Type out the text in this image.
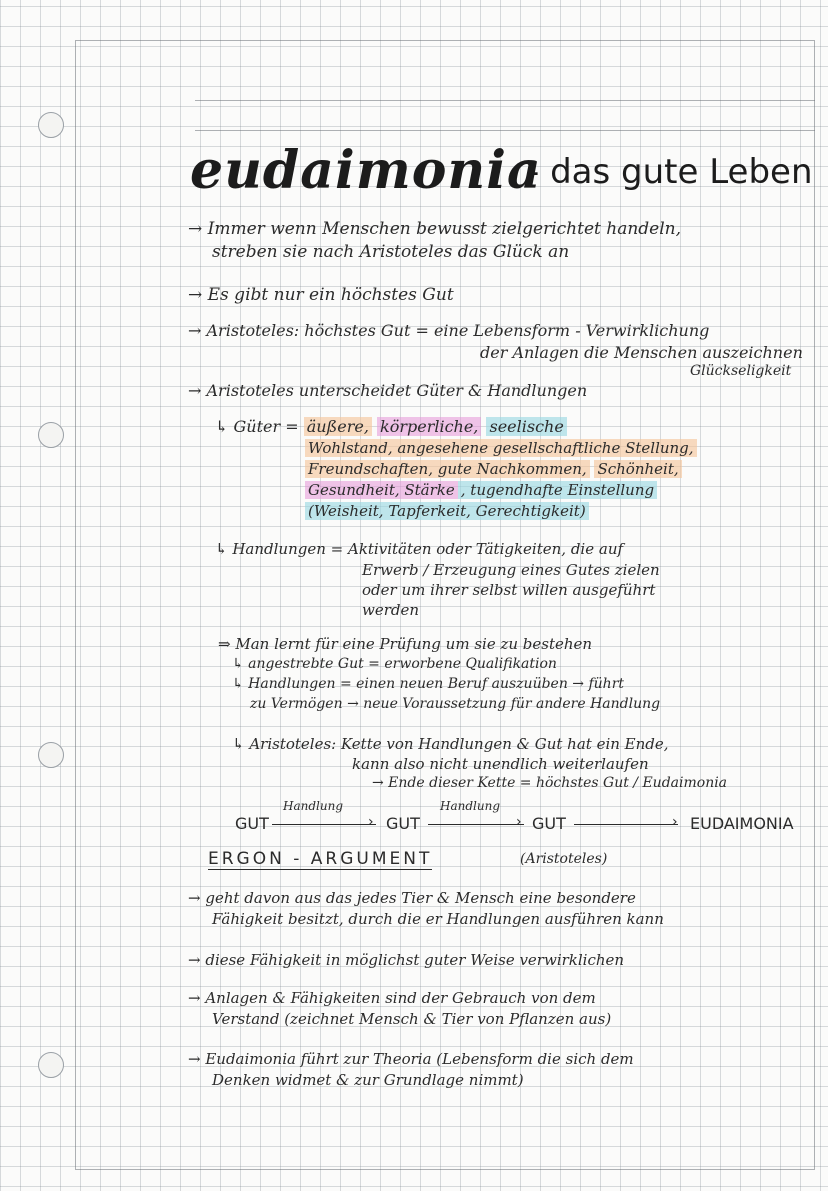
eudaimonia
- das gute Leben
→ Immer wenn Menschen bewusst zielgerichtet handeln,
streben sie nach Aristoteles das Glück an
→ Es gibt nur ein höchstes Gut
→ Aristoteles: höchstes Gut = eine Lebensform - Verwirklichung
der Anlagen die Menschen auszeichnen
Glückseligkeit
→ Aristoteles unterscheidet Güter & Handlungen
↳ Güter = äußere, körperliche, seelische
Wohlstand, angesehene gesellschaftliche Stellung,
Freundschaften, gute Nachkommen, Schönheit,
Gesundheit, Stärke , tugendhafte Einstellung
(Weisheit, Tapferkeit, Gerechtigkeit)
↳ Handlungen = Aktivitäten oder Tätigkeiten, die auf
Erwerb / Erzeugung eines Gutes zielen
oder um ihrer selbst willen ausgeführt
werden
⇒ Man lernt für eine Prüfung um sie zu bestehen
↳ angestrebte Gut = erworbene Qualifikation
↳ Handlungen = einen neuen Beruf auszuüben → führt
zu Vermögen → neue Voraussetzung für andere Handlung
↳ Aristoteles: Kette von Handlungen & Gut hat ein Ende,
kann also nicht unendlich weiterlaufen
→ Ende dieser Kette = höchstes Gut / Eudaimonia
GUT
Handlung
› GUT
Handlung
› GUT	› EUDAIMONIA
ERGON - ARGUMENT	(Aristoteles)
→ geht davon aus das jedes Tier & Mensch eine besondere
Fähigkeit besitzt, durch die er Handlungen ausführen kann
→ diese Fähigkeit in möglichst guter Weise verwirklichen
→ Anlagen & Fähigkeiten sind der Gebrauch von dem
Verstand (zeichnet Mensch & Tier von Pflanzen aus)
→ Eudaimonia führt zur Theoria (Lebensform die sich dem
Denken widmet & zur Grundlage nimmt)
